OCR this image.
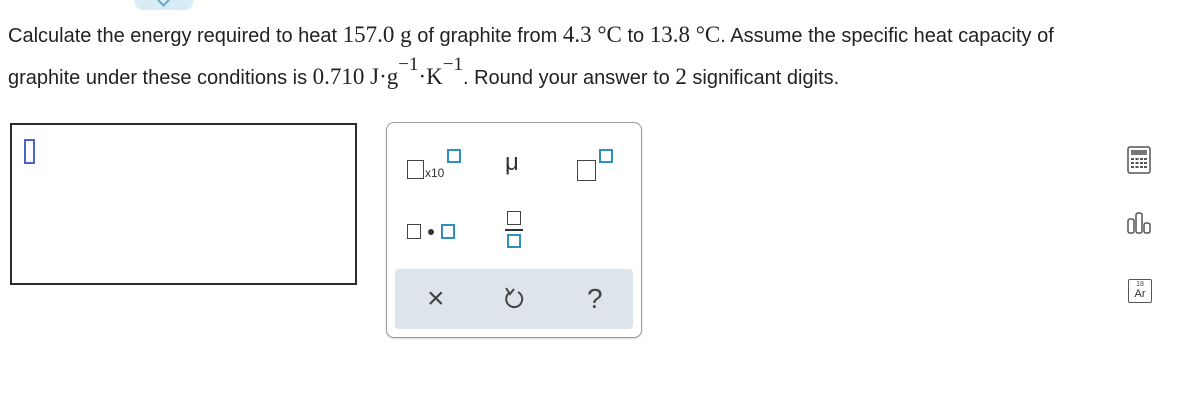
Calculate the energy required to heat 157.0 g of graphite from 4.3 °C to 13.8 °C. Assume the specific heat capacity of
graphite under these conditions is 0.710 J·g−1·K−1. Round your answer to 2 significant digits.
x10	μ
×	?	18
Ar
